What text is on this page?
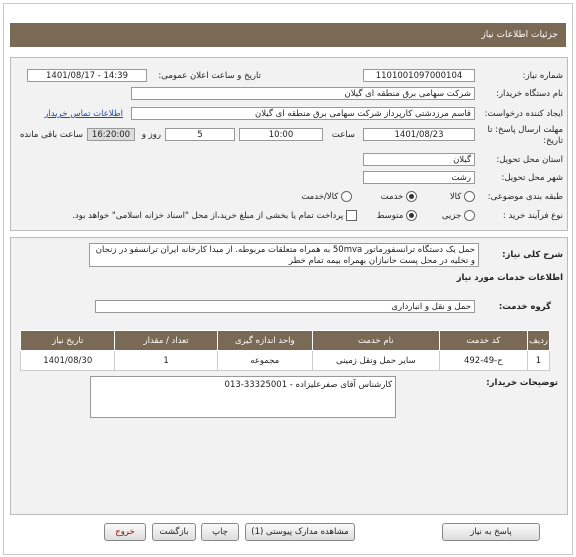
جزئیات اطلاعات نیاز
شماره نیاز:
1101001097000104
تاریخ و ساعت اعلان عمومی:
1401/08/17 - 14:39
نام دستگاه خریدار:
شرکت سهامی برق منطقه ای گیلان
ایجاد کننده درخواست:
قاسم مرزدشتی کارپرداز شرکت سهامی برق منطقه ای گیلان
اطلاعات تماس خریدار
مهلت ارسال پاسخ: تا
تاریخ:
1401/08/23
ساعت
10:00
5
روز و
16:20:00
ساعت باقی مانده
استان محل تحویل:
گیلان
شهر محل تحویل:
رشت
طبقه بندی موضوعی:
کالا
خدمت
کالا/خدمت
نوع فرآیند خرید :
جزیی
متوسط
پرداخت تمام یا بخشی از مبلغ خرید،از محل "اسناد خزانه اسلامی" خواهد بود.
شرح کلی نیاز:
حمل یک دستگاه ترانسفورماتور 50mva به همراه متعلقات مربوطه. از مبدا کارخانه ایران ترانسفو در زنجان و تخلیه در محل پست حانبازان بهمراه بیمه تمام خطر
اطلاعات خدمات مورد نیاز
گروه خدمت:
حمل و نقل و انبارداری
ردیف	کد خدمت	نام خدمت	واحد اندازه گیری	تعداد / مقدار	تاریخ نیاز
1	ح-49-492	سایر حمل ونقل زمینی	مجموعه	1	1401/08/30
توضیحات خریدار:
کارشناس آقای صفرعلیزاده - 33325001-013
پاسخ به نیاز
مشاهده مدارک پیوستی (1)
چاپ
بازگشت
خروج
